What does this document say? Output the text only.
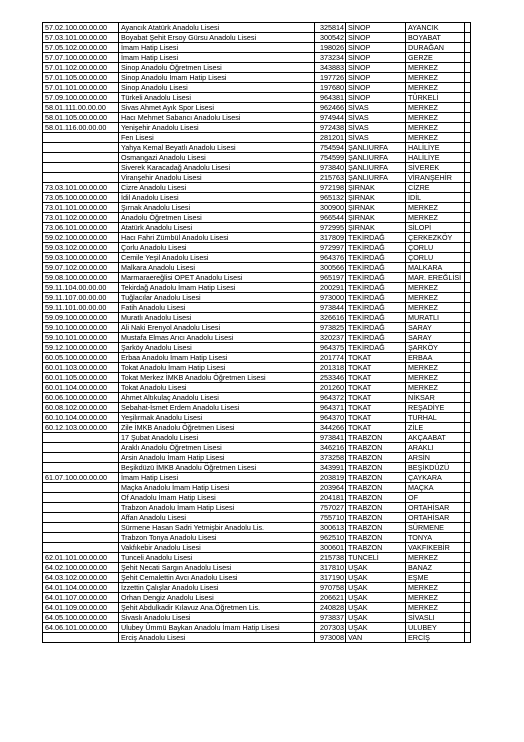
57.02.100.00.00.00	Ayancık Atatürk Anadolu Lisesi	325814	SİNOP	AYANCIK	
57.03.101.00.00.00	Boyabat Şehit Ersoy Gürsu Anadolu Lisesi	300542	SİNOP	BOYABAT	
57.05.102.00.00.00	İmam Hatip Lisesi	198026	SİNOP	DURAĞAN	
57.07.100.00.00.00	İmam Hatip Lisesi	373234	SİNOP	GERZE	
57.01.102.00.00.00	Sinop Anadolu Öğretmen Lisesi	343883	SİNOP	MERKEZ	
57.01.105.00.00.00	Sinop Anadolu İmam Hatip Lisesi	197726	SİNOP	MERKEZ	
57.01.101.00.00.00	Sinop Anadolu Lisesi	197680	SİNOP	MERKEZ	
57.09.100.00.00.00	Türkeli Anadolu Lisesi	964381	SİNOP	TÜRKELİ	
58.01.111.00.00.00	Sivas Ahmet Ayık Spor Lisesi	962466	SİVAS	MERKEZ	
58.01.105.00.00.00	Hacı Mehmet Sabancı Anadolu Lisesi	974944	SİVAS	MERKEZ	
58.01.116.00.00.00	Yenişehir Anadolu Lisesi	972438	SİVAS	MERKEZ	
	Fen Lisesi	281201	SİVAS	MERKEZ	
	Yahya Kemal Beyatlı Anadolu Lisesi	754594	ŞANLIURFA	HALİLİYE	
	Osmangazi Anadolu Lisesi	754599	ŞANLIURFA	HALİLİYE	
	Siverek Karacadağ Anadolu Lisesi	973840	ŞANLIURFA	SİVEREK	
	Viranşehir Anadolu Lisesi	215763	ŞANLIURFA	VİRANŞEHİR	
73.03.101.00.00.00	Cizre Anadolu Lisesi	972198	ŞIRNAK	CİZRE	
73.05.100.00.00.00	İdil Anadolu Lisesi	965132	ŞIRNAK	İDİL	
73.01.101.00.00.00	Şırnak Anadolu Lisesi	300900	ŞIRNAK	MERKEZ	
73.01.102.00.00.00	Anadolu Öğretmen Lisesi	966544	ŞIRNAK	MERKEZ	
73.06.101.00.00.00	Atatürk Anadolu Lisesi	972995	ŞIRNAK	SİLOPİ	
59.02.100.00.00.00	Hacı Fahri Zümbül Anadolu Lisesi	317809	TEKİRDAĞ	ÇERKEZKÖY	
59.03.102.00.00.00	Çorlu Anadolu Lisesi	972997	TEKİRDAĞ	ÇORLU	
59.03.100.00.00.00	Cemile Yeşil Anadolu Lisesi	964376	TEKİRDAĞ	ÇORLU	
59.07.102.00.00.00	Malkara Anadolu Lisesi	300566	TEKİRDAĞ	MALKARA	
59.08.100.00.00.00	Marmaraereğlisi OPET Anadolu Lisesi	965197	TEKİRDAĞ	MAR. EREĞLİSİ	
59.11.104.00.00.00	Tekirdağ Anadolu İmam Hatip Lisesi	200291	TEKİRDAĞ	MERKEZ	
59.11.107.00.00.00	Tuğlacılar Anadolu Lisesi	973000	TEKİRDAĞ	MERKEZ	
59.11.101.00.00.00	Fatih Anadolu Lisesi	973844	TEKİRDAĞ	MERKEZ	
59.09.100.00.00.00	Muratlı Anadolu Lisesi	326616	TEKİRDAĞ	MURATLI	
59.10.100.00.00.00	Ali Naki Erenyol Anadolu Lisesi	973825	TEKİRDAĞ	SARAY	
59.10.101.00.00.00	Mustafa Elmas Arıcı Anadolu Lisesi	320237	TEKİRDAĞ	SARAY	
59.12.100.00.00.00	Şarköy Anadolu Lisesi	964375	TEKİRDAĞ	ŞARKÖY	
60.05.100.00.00.00	Erbaa Anadolu İmam Hatip Lisesi	201774	TOKAT	ERBAA	
60.01.103.00.00.00	Tokat Anadolu İmam Hatip Lisesi	201318	TOKAT	MERKEZ	
60.01.105.00.00.00	Tokat Merkez İMKB Anadolu Öğretmen Lisesi	253346	TOKAT	MERKEZ	
60.01.104.00.00.00	Tokat Anadolu Lisesi	201260	TOKAT	MERKEZ	
60.06.100.00.00.00	Ahmet Altıkulaç Anadolu Lisesi	964372	TOKAT	NİKSAR	
60.08.102.00.00.00	Sebahat-İsmet Erdem Anadolu Lisesi	964371	TOKAT	REŞADİYE	
60.10.104.00.00.00	Yeşilırmak Anadolu Lisesi	964370	TOKAT	TURHAL	
60.12.103.00.00.00	Zile İMKB Anadolu Öğretmen Lisesi	344266	TOKAT	ZİLE	
	17 Şubat Anadolu Lisesi	973841	TRABZON	AKÇAABAT	
	Araklı Anadolu Öğretmen Lisesi	346216	TRABZON	ARAKLI	
	Arsin Anadolu İmam Hatip Lisesi	373258	TRABZON	ARSİN	
	Beşikdüzü İMKB Anadolu Öğretmen Lisesi	343991	TRABZON	BEŞİKDÜZÜ	
61.07.100.00.00.00	İmam Hatip Lisesi	203819	TRABZON	ÇAYKARA	
	Maçka Anadolu İmam Hatip Lisesi	203964	TRABZON	MAÇKA	
	Of Anadolu İmam Hatip Lisesi	204181	TRABZON	OF	
	Trabzon Anadolu İmam Hatip Lisesi	757027	TRABZON	ORTAHİSAR	
	Affan Anadolu Lisesi	755710	TRABZON	ORTAHİSAR	
	Sürmene Hasan Sadri Yetmişbir Anadolu Lis.	300613	TRABZON	SÜRMENE	
	Trabzon Tonya Anadolu Lisesi	962510	TRABZON	TONYA	
	Vakfıkebir Anadolu Lisesi	300601	TRABZON	VAKFIKEBİR	
62.01.101.00.00.00	Tunceli Anadolu Lisesi	215738	TUNCELİ	MERKEZ	
64.02.100.00.00.00	Şehit Necati Sargın Anadolu Lisesi	317810	UŞAK	BANAZ	
64.03.102.00.00.00	Şehit Cemalettin Avcı Anadolu Lisesi	317190	UŞAK	EŞME	
64.01.104.00.00.00	İzzettin Çalışlar Anadolu Lisesi	970758	UŞAK	MERKEZ	
64.01.107.00.00.00	Orhan Dengiz Anadolu Lisesi	206621	UŞAK	MERKEZ	
64.01.109.00.00.00	Şehit Abdulkadir Kılavuz Ana.Öğretmen Lis.	240828	UŞAK	MERKEZ	
64.05.100.00.00.00	Sivaslı Anadolu Lisesi	973837	UŞAK	SİVASLI	
64.06.101.00.00.00	Ulubey Ümmü Baykan Anadolu İmam Hatip Lisesi	207303	UŞAK	ULUBEY	
	Erciş Anadolu Lisesi	973008	VAN	ERCİŞ	
